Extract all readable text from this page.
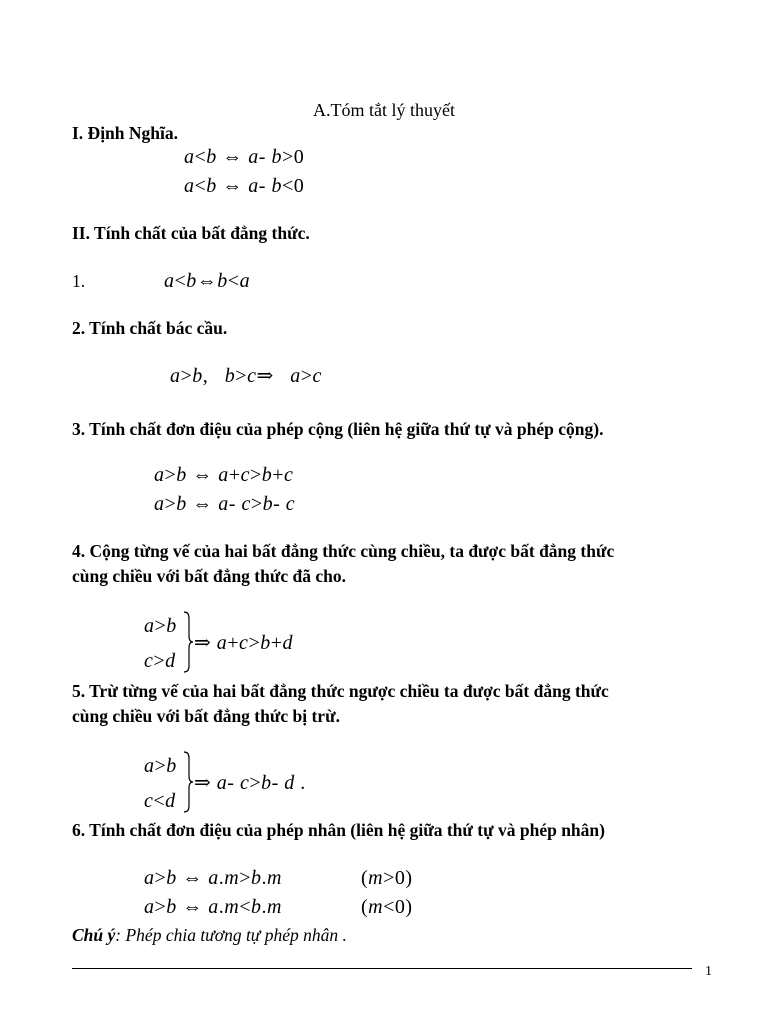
A.Tóm tắt lý thuyết
I. Định Nghĩa.
a<b ⇔ a- b>0
a<b ⇔ a- b<0
II. Tính chất của bất đẳng thức.
1.	a<b⇔b<a
2. Tính chất bác cầu.
a>b, b>c⇒ a>c
3. Tính chất đơn điệu của phép cộng (liên hệ giữa thứ tự và phép cộng).
a>b ⇔ a+c>b+c
a>b ⇔ a- c>b- c
4. Cộng từng vế của hai bất đẳng thức cùng chiều, ta được bất đẳng thức
cùng chiều với bất đẳng thức đã cho.
a>b
c>d
⇒ a+c>b+d
5. Trừ từng vế của hai bất đẳng thức ngược chiều ta được bất đẳng thức
cùng chiều với bất đẳng thức bị trừ.
a>b
c<d
⇒ a- c>b- d .
6. Tính chất đơn điệu của phép nhân (liên hệ giữa thứ tự và phép nhân)
a>b ⇔ a.m>b.m	(m>0)
a>b ⇔ a.m<b.m	(m<0)
Chú ý: Phép chia tương tự phép nhân .
1
